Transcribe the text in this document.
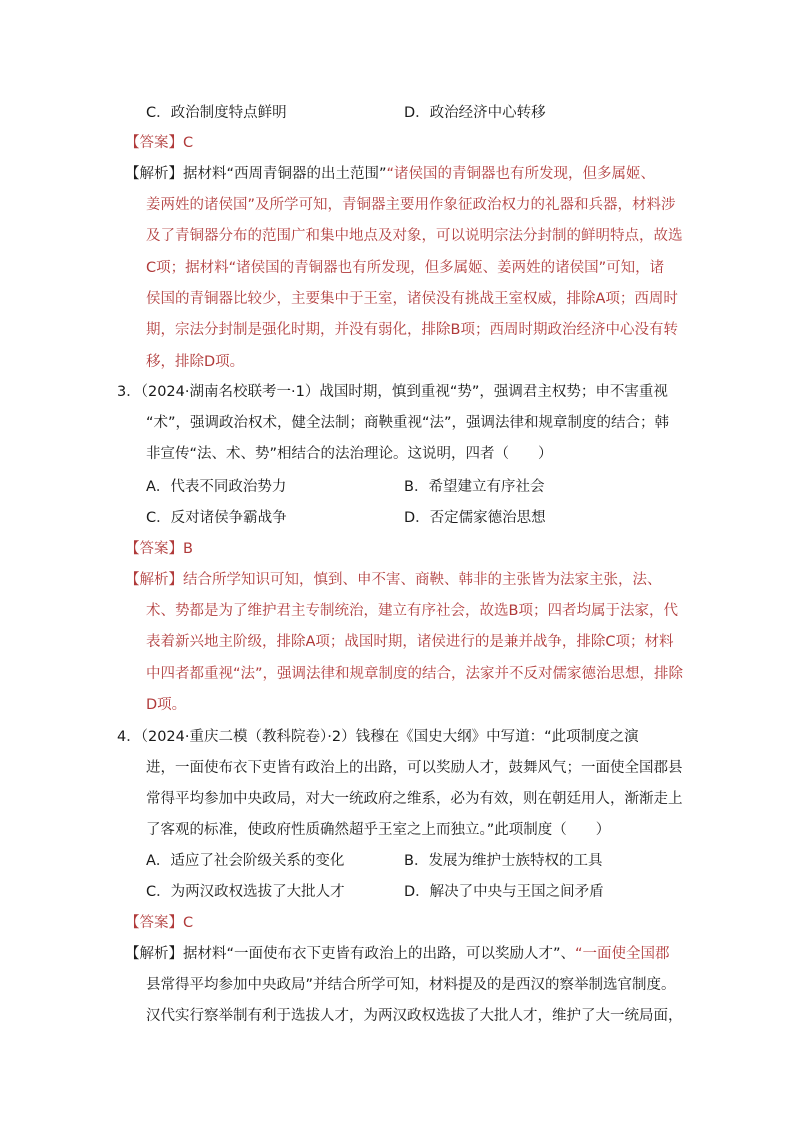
C．政治制度特点鲜明	D．政治经济中心转移
【答案】C
【解析】据材料“西周青铜器的出土范围”“诸侯国的青铜器也有所发现，但多属姬、
姜两姓的诸侯国”及所学可知，青铜器主要用作象征政治权力的礼器和兵器，材料涉
及了青铜器分布的范围广和集中地点及对象，可以说明宗法分封制的鲜明特点，故选
C项；据材料“诸侯国的青铜器也有所发现，但多属姬、姜两姓的诸侯国”可知，诸
侯国的青铜器比较少，主要集中于王室，诸侯没有挑战王室权威，排除A项；西周时
期，宗法分封制是强化时期，并没有弱化，排除B项；西周时期政治经济中心没有转
移，排除D项。
3．（2024·湖南名校联考一·1）战国时期，慎到重视“势”，强调君主权势；申不害重视
“术”，强调政治权术，健全法制；商鞅重视“法”，强调法律和规章制度的结合；韩
非宣传“法、术、势”相结合的法治理论。这说明，四者（　　）
A．代表不同政治势力	B．希望建立有序社会
C．反对诸侯争霸战争	D．否定儒家德治思想
【答案】B
【解析】结合所学知识可知，慎到、申不害、商鞅、韩非的主张皆为法家主张，法、
术、势都是为了维护君主专制统治，建立有序社会，故选B项；四者均属于法家，代
表着新兴地主阶级，排除A项；战国时期，诸侯进行的是兼并战争，排除C项；材料
中四者都重视“法”，强调法律和规章制度的结合，法家并不反对儒家德治思想，排除
D项。
4．（2024·重庆二模（教科院卷）·2）钱穆在《国史大纲》中写道：“此项制度之演
进，一面使布衣下吏皆有政治上的出路，可以奖励人才，鼓舞风气；一面使全国郡县
常得平均参加中央政局，对大一统政府之维系，必为有效，则在朝廷用人，渐渐走上
了客观的标准，使政府性质确然超乎王室之上而独立。”此项制度（　　）
A．适应了社会阶级关系的变化	B．发展为维护士族特权的工具
C．为两汉政权选拔了大批人才	D．解决了中央与王国之间矛盾
【答案】C
【解析】据材料“一面使布衣下吏皆有政治上的出路，可以奖励人才”、“一面使全国郡
县常得平均参加中央政局”并结合所学可知，材料提及的是西汉的察举制选官制度。
汉代实行察举制有利于选拔人才，为两汉政权选拔了大批人才，维护了大一统局面，
